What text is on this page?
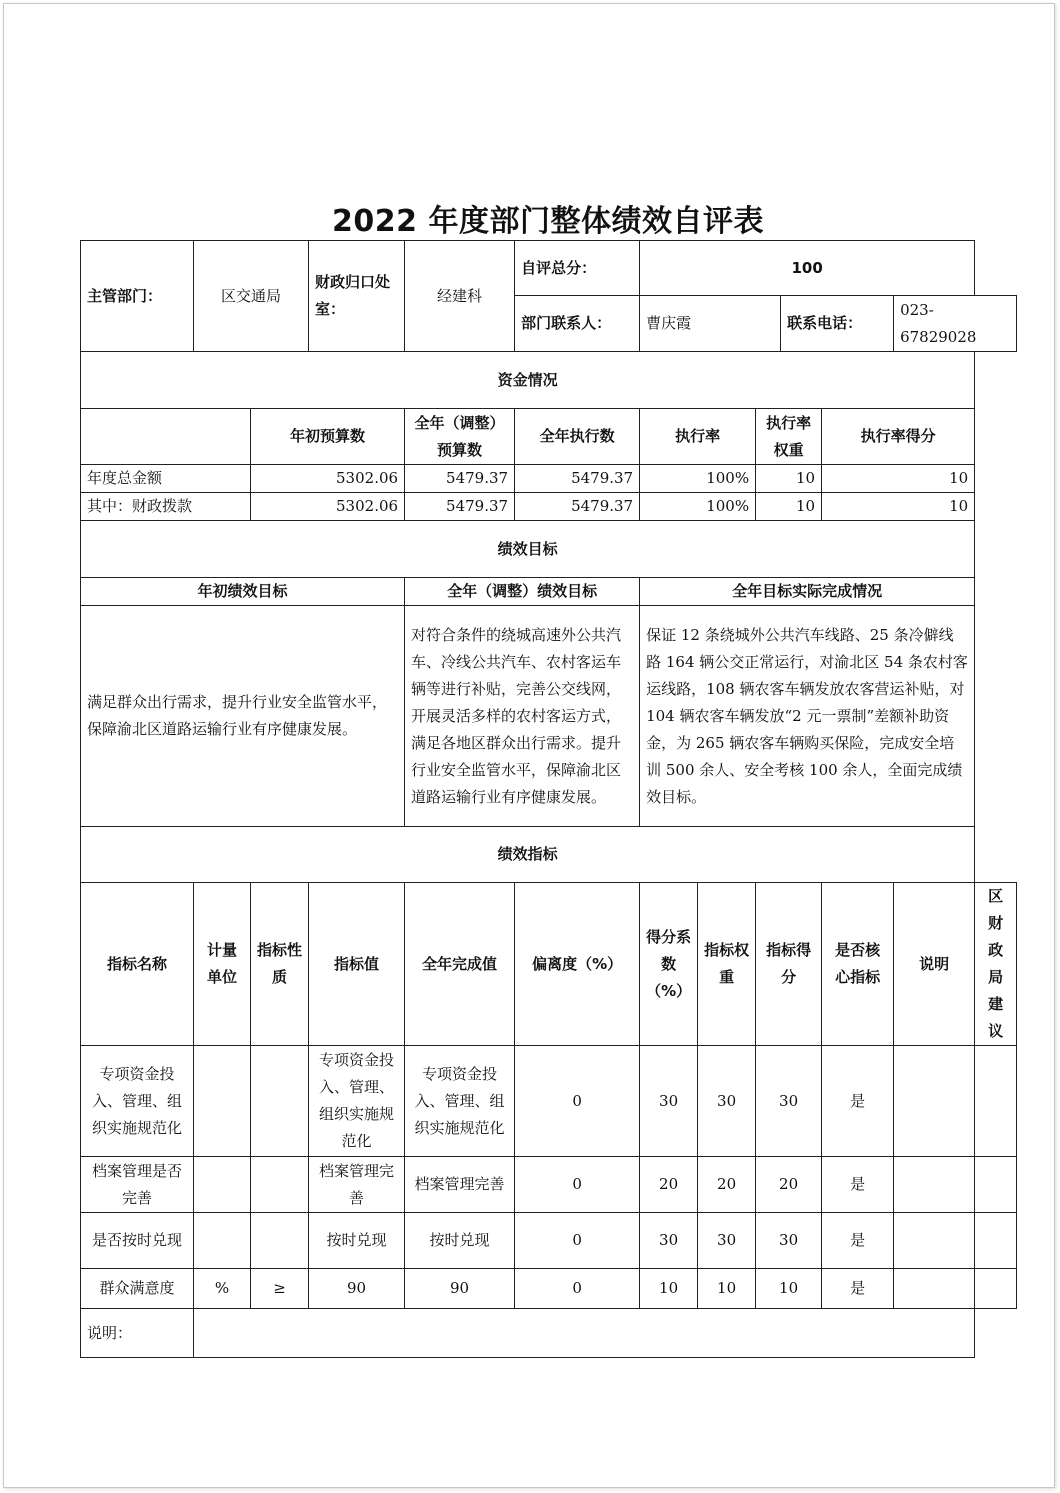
2022 年度部门整体绩效自评表
主管部门：	区交通局		财政归口处室：	经建科	自评总分：	100						
					部门联系人：	曹庆霞			联系电话：		023-67829028	
资金情况												
		年初预算数		全年（调整）预算数	全年执行数	执行率		执行率权重		执行率得分		
年度总金额		5302.06		5479.37	5479.37	100%		10		10		
其中：财政拨款		5302.06		5479.37	5479.37	100%		10		10		
绩效目标												
年初绩效目标				全年（调整）绩效目标		全年目标实际完成情况						
满足群众出行需求，提升行业安全监管水平，保障渝北区道路运输行业有序健康发展。				对符合条件的绕城高速外公共汽车、冷线公共汽车、农村客运车辆等进行补贴，完善公交线网，开展灵活多样的农村客运方式，满足各地区群众出行需求。提升行业安全监管水平，保障渝北区道路运输行业有序健康发展。		保证 12 条绕城外公共汽车线路、25 条冷僻线路 164 辆公交正常运行，对渝北区 54 条农村客运线路，108 辆农客车辆发放农客营运补贴，对 104 辆农客车辆发放“2 元一票制”差额补助资金，为 265 辆农客车辆购买保险，完成安全培训 500 余人、安全考核 100 余人，全面完成绩效目标。						
绩效指标												
指标名称	计量单位	指标性质	指标值	全年完成值	偏离度（%）	得分系数（%）	指标权重	指标得分		是否核心指标	说明	区财政局建议
专项资金投入、管理、组织实施规范化			专项资金投入、管理、组织实施规范化	专项资金投入、管理、组织实施规范化	0	30	30	30		是		
档案管理是否完善			档案管理完善	档案管理完善	0	20	20	20		是		
是否按时兑现			按时兑现	按时兑现	0	30	30	30		是		
群众满意度	%	≥	90	90	0	10	10	10		是		
说明：												
